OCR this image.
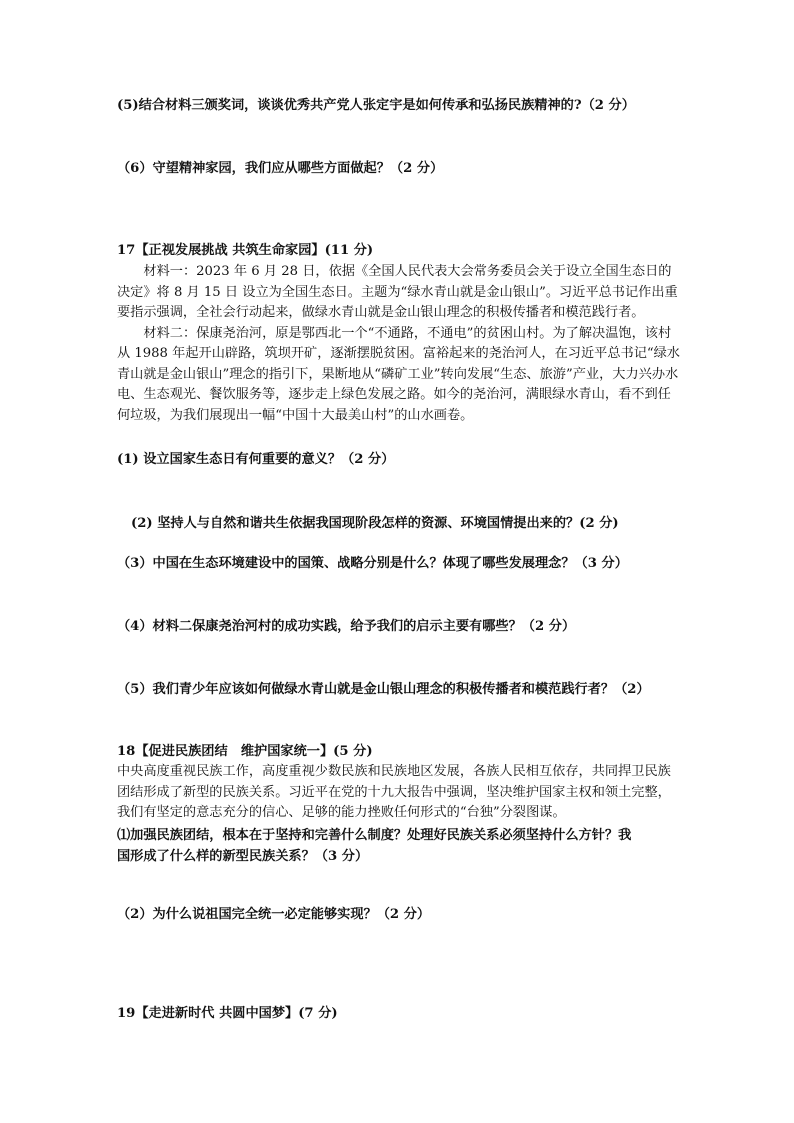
(5)结合材料三颁奖词，谈谈优秀共产党人张定宇是如何传承和弘扬民族精神的?（2 分）
（6）守望精神家园，我们应从哪些方面做起？（2 分）
17【正视发展挑战 共筑生命家园】(11 分)

材料一：2023 年 6 月 28 日，依据《全国人民代表大会常务委员会关于设立全国生态日的决定》将 8 月 15 日 设立为全国生态日。主题为“绿水青山就是金山银山”。习近平总书记作出重要指示强调，全社会行动起来，做绿水青山就是金山银山理念的积极传播者和模范践行者。

材料二：保康尧治河，原是鄂西北一个“不通路，不通电”的贫困山村。为了解决温饱，该村从 1988 年起开山辟路，筑坝开矿，逐渐摆脱贫困。富裕起来的尧治河人，在习近平总书记“绿水青山就是金山银山”理念的指引下，果断地从“磷矿工业”转向发展“生态、旅游”产业，大力兴办水电、生态观光、餐饮服务等，逐步走上绿色发展之路。如今的尧治河，满眼绿水青山，看不到任何垃圾，为我们展现出一幅“中国十大最美山村”的山水画卷。

(1) 设立国家生态日有何重要的意义？（2 分）
(2) 坚持人与自然和谐共生依据我国现阶段怎样的资源、环境国情提出来的？(2 分)
（3）中国在生态环境建设中的国策、战略分别是什么？体现了哪些发展理念？（3 分）
（4）材料二保康尧治河村的成功实践，给予我们的启示主要有哪些？（2 分）
（5）我们青少年应该如何做绿水青山就是金山银山理念的积极传播者和模范践行者？（2）
18【促进民族团结　维护国家统一】(5 分)

中央高度重视民族工作，高度重视少数民族和民族地区发展，各族人民相互依存，共同捍卫民族团结形成了新型的民族关系。习近平在党的十九大报告中强调，坚决维护国家主权和领土完整，我们有坚定的意志充分的信心、足够的能力挫败任何形式的“台独”分裂图谋。

⑴加强民族团结，根本在于坚持和完善什么制度？处理好民族关系必须坚持什么方针？我
国形成了什么样的新型民族关系？（3 分）
（2）为什么说祖国完全统一必定能够实现？（2 分）
19【走进新时代 共圆中国梦】(7 分)
